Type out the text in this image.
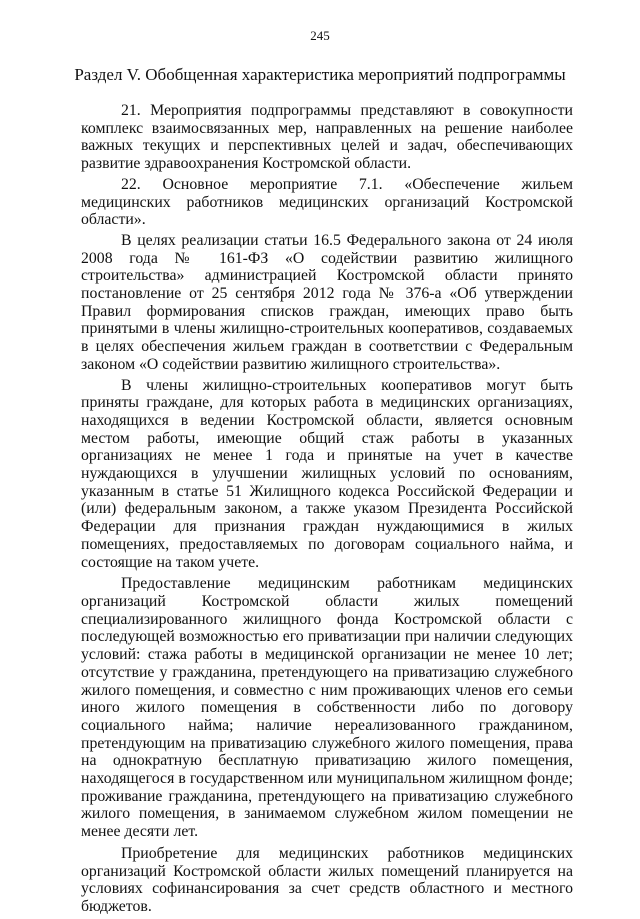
245
Раздел V. Обобщенная характеристика мероприятий подпрограммы

21. Мероприятия подпрограммы представляют в совокупности комплекс взаимосвязанных мер, направленных на решение наиболее важных текущих и перспективных целей и задач, обеспечивающих развитие здравоохранения Костромской области.

22. Основное мероприятие 7.1. «Обеспечение жильем медицинских работников медицинских организаций Костромской области».

В целях реализации статьи 16.5 Федерального закона от 24 июля 2008 года № 161-ФЗ «О содействии развитию жилищного строительства» администрацией Костромской области принято постановление от 25 сентября 2012 года № 376-а «Об утверждении Правил формирования списков граждан, имеющих право быть принятыми в члены жилищно-строительных кооперативов, создаваемых в целях обеспечения жильем граждан в соответствии с Федеральным законом «О содействии развитию жилищного строительства».

В члены жилищно-строительных кооперативов могут быть приняты граждане, для которых работа в медицинских организациях, находящихся в ведении Костромской области, является основным местом работы, имеющие общий стаж работы в указанных организациях не менее 1 года и принятые на учет в качестве нуждающихся в улучшении жилищных условий по основаниям, указанным в статье 51 Жилищного кодекса Российской Федерации и (или) федеральным законом, а также указом Президента Российской Федерации для признания граждан нуждающимися в жилых помещениях, предоставляемых по договорам социального найма, и состоящие на таком учете.

Предоставление медицинским работникам медицинских организаций Костромской области жилых помещений специализированного жилищного фонда Костромской области с последующей возможностью его приватизации при наличии следующих условий: стажа работы в медицинской организации не менее 10 лет; отсутствие у гражданина, претендующего на приватизацию служебного жилого помещения, и совместно с ним проживающих членов его семьи иного жилого помещения в собственности либо по договору социального найма; наличие нереализованного гражданином, претендующим на приватизацию служебного жилого помещения, права на однократную бесплатную приватизацию жилого помещения, находящегося в государственном или муниципальном жилищном фонде; проживание гражданина, претендующего на приватизацию служебного жилого помещения, в занимаемом служебном жилом помещении не менее десяти лет.

Приобретение для медицинских работников медицинских организаций Костромской области жилых помещений планируется на условиях софинансирования за счет средств областного и местного бюджетов.
